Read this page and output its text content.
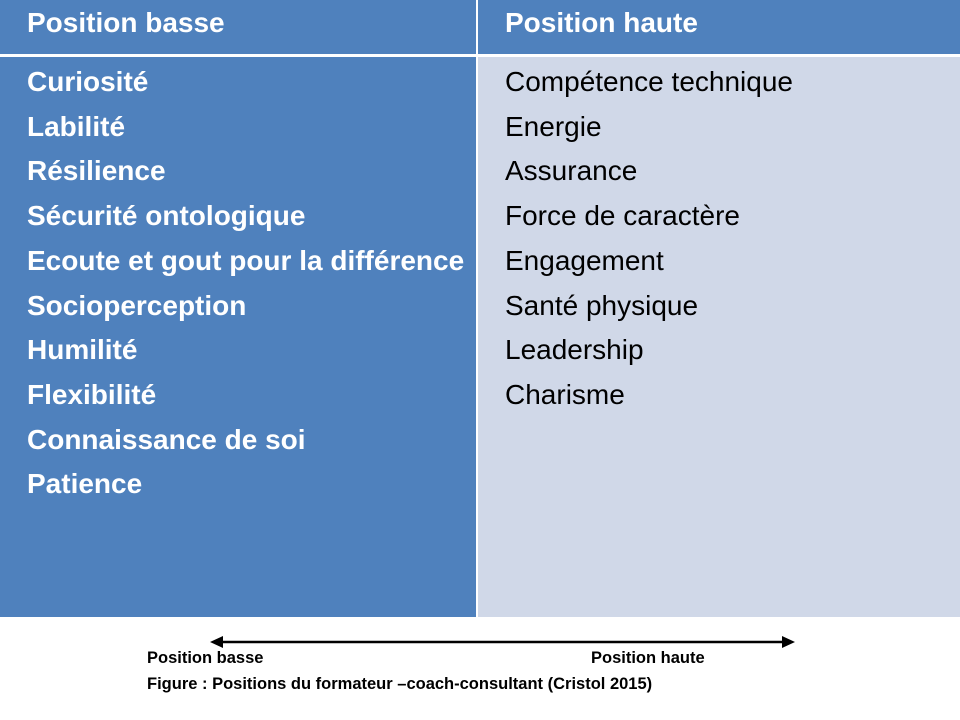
Position basse	Position haute
Curiosité
Labilité
Résilience
Sécurité ontologique
Ecoute et gout pour la différence
Socioperception
Humilité
Flexibilité
Connaissance de soi
Patience
Compétence technique
Energie
Assurance
Force de caractère
Engagement
Santé physique
Leadership
Charisme
Position basse	Position haute
Figure : Positions du formateur –coach-consultant (Cristol 2015)
